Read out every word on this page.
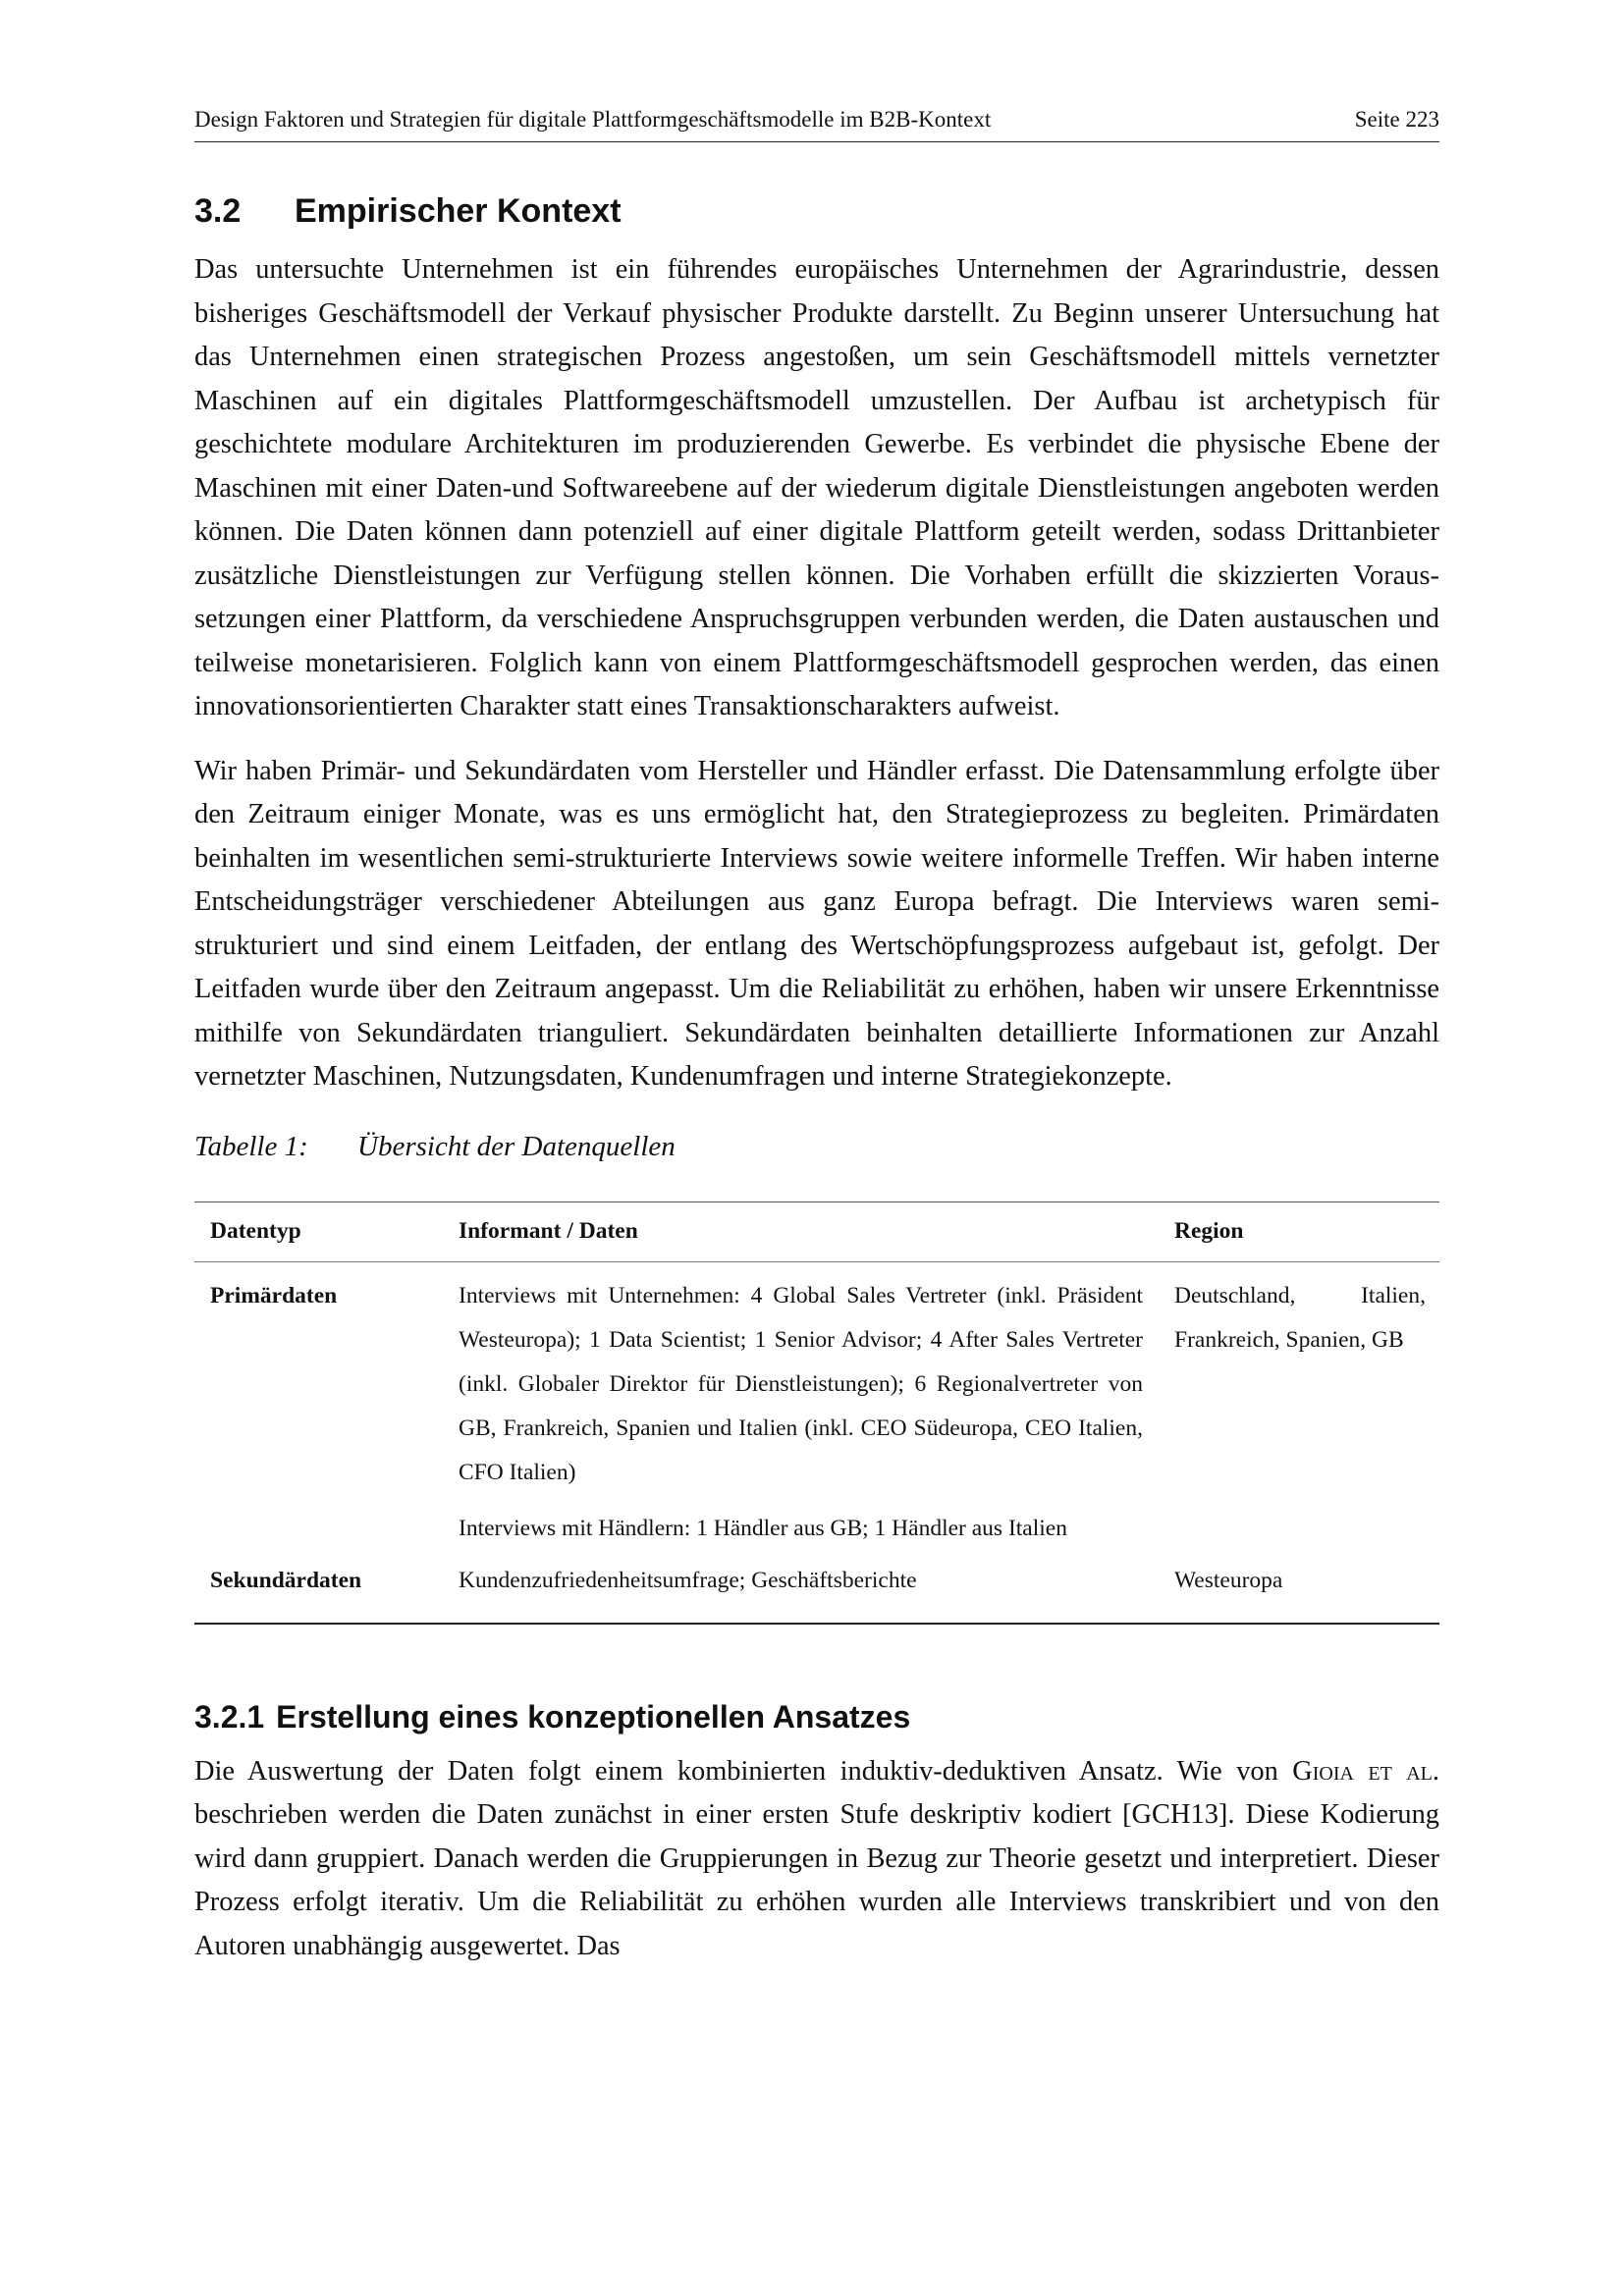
Design Faktoren und Strategien für digitale Plattformgeschäftsmodelle im B2B-Kontext	Seite 223
3.2 Empirischer Kontext

Das untersuchte Unternehmen ist ein führendes europäisches Unternehmen der Agrarindustrie, dessen bisheriges Geschäftsmodell der Verkauf physischer Produkte darstellt. Zu Beginn unserer Untersuchung hat das Unternehmen einen strategischen Prozess angestoßen, um sein Geschäftsmodell mittels vernetzter Maschinen auf ein digitales Plattformgeschäftsmodell umzustellen. Der Aufbau ist archetypisch für geschichtete modulare Architekturen im produzierenden Gewerbe. Es verbindet die physische Ebene der Maschinen mit einer Daten-und Softwareebene auf der wiederum digitale Dienstleistungen angeboten werden können. Die Daten können dann potenziell auf einer digitale Plattform geteilt werden, sodass Drittanbieter zusätzliche Dienstleistungen zur Verfügung stellen können. Die Vorhaben erfüllt die skizzierten Voraussetzungen einer Plattform, da verschiedene Anspruchsgruppen verbunden werden, die Daten austauschen und teilweise monetarisieren. Folglich kann von einem Plattformgeschäftsmodell gesprochen werden, das einen innovationsorientierten Charakter statt eines Transaktionscharakters aufweist.

Wir haben Primär- und Sekundärdaten vom Hersteller und Händler erfasst. Die Datensammlung erfolgte über den Zeitraum einiger Monate, was es uns ermöglicht hat, den Strategieprozess zu begleiten. Primärdaten beinhalten im wesentlichen semi-strukturierte Interviews sowie weitere informelle Treffen. Wir haben interne Entscheidungsträger verschiedener Abteilungen aus ganz Europa befragt. Die Interviews waren semi-strukturiert und sind einem Leitfaden, der entlang des Wertschöpfungsprozess aufgebaut ist, gefolgt. Der Leitfaden wurde über den Zeitraum angepasst. Um die Reliabilität zu erhöhen, haben wir unsere Erkenntnisse mithilfe von Sekundärdaten trianguliert. Sekundärdaten beinhalten detaillierte Informationen zur Anzahl vernetzter Maschinen, Nutzungsdaten, Kundenumfragen und interne Strategiekonzepte.

Tabelle 1: Übersicht der Datenquellen
Datentyp	Informant / Daten	Region
Primärdaten	Interviews mit Unternehmen: 4 Global Sales Vertreter (inkl. Präsident Westeuropa); 1 Data Scientist; 1 Senior Advisor; 4 After Sales Vertreter (inkl. Globaler Direktor für Dienstleistungen); 6 Regionalvertreter von GB, Frankreich, Spanien und Italien (inkl. CEO Südeuropa, CEO Italien, CFO Italien)	Deutschland, Italien, Frankreich, Spanien, GB
	Interviews mit Händlern: 1 Händler aus GB; 1 Händler aus Italien	
Sekundärdaten	Kundenzufriedenheitsumfrage; Geschäftsberichte	Westeuropa
3.2.1 Erstellung eines konzeptionellen Ansatzes

Die Auswertung der Daten folgt einem kombinierten induktiv-deduktiven Ansatz. Wie von Gioia et al. beschrieben werden die Daten zunächst in einer ersten Stufe deskriptiv kodiert [GCH13]. Diese Kodierung wird dann gruppiert. Danach werden die Gruppierungen in Bezug zur Theorie gesetzt und interpretiert. Dieser Prozess erfolgt iterativ. Um die Reliabilität zu erhöhen wurden alle Interviews transkribiert und von den Autoren unabhängig ausgewertet. Das
